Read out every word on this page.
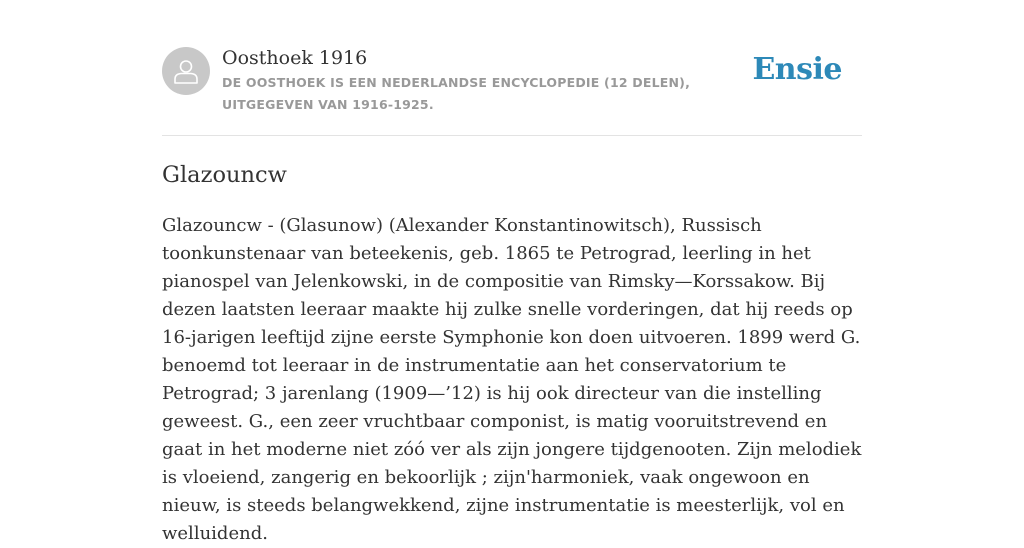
Oosthoek 1916
DE OOSTHOEK IS EEN NEDERLANDSE ENCYCLOPEDIE (12 DELEN), UITGEGEVEN VAN 1916-1925.
Ensie
Glazouncw

Glazouncw - (Glasunow) (Alexander Konstantinowitsch), Russisch toonkunstenaar van beteekenis, geb. 1865 te Petrograd, leerling in het pianospel van Jelenkowski, in de compositie van Rimsky—Korssakow. Bij dezen laatsten leeraar maakte hij zulke snelle vorderingen, dat hij reeds op 16-jarigen leeftijd zijne eerste Symphonie kon doen uitvoeren. 1899 werd G. benoemd tot leeraar in de instrumentatie aan het conservatorium te Petrograd; 3 jarenlang (1909—’12) is hij ook directeur van die instelling geweest. G., een zeer vruchtbaar componist, is matig vooruitstrevend en gaat in het moderne niet zóó ver als zijn jongere tijdgenooten. Zijn melodiek is vloeiend, zangerig en bekoorlijk ; zijn'harmoniek, vaak ongewoon en nieuw, is steeds belangwekkend, zijne instrumentatie is meesterlijk, vol en welluidend.
